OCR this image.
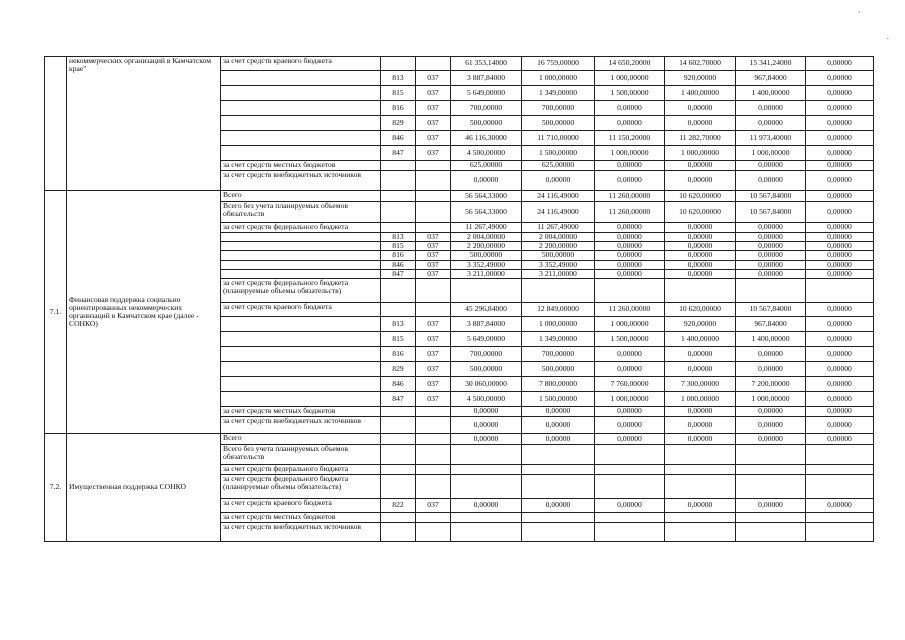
'
-
	некоммерческих организаций в Камчатском крае"	за счет средств краевого бюджета			61 353,14000	16 759,00000	14 650,20000	14 602,70000	15 341,24000	0,00000
			813	037	3 887,84000	1 000,00000	1 000,00000	920,00000	967,84000	0,00000
			815	037	5 649,00000	1 349,00000	1 500,00000	1 400,00000	1 400,00000	0,00000
			816	037	700,00000	700,00000	0,00000	0,00000	0,00000	0,00000
			829	037	500,00000	500,00000	0,00000	0,00000	0,00000	0,00000
			846	037	46 116,30000	11 710,00000	11 150,20000	11 282,70000	11 973,40000	0,00000
			847	037	4 500,00000	1 500,00000	1 000,00000	1 000,00000	1 000,00000	0,00000
		за счет средств местных бюджетов			625,00000	625,00000	0,00000	0,00000	0,00000	0,00000
		за счет средств внебюджетных источников			0,00000	0,00000	0,00000	0,00000	0,00000	0,00000
7.1.	Финансовая поддержка социально ориентированных некоммерческих организаций в Камчатском крае (далее - СОНКО)	Всего			56 564,33000	24 116,49000	11 260,00000	10 620,00000	10 567,84000	0,00000
		Всего без учета планируемых объемов обязательств			56 564,33000	24 116,49000	11 260,00000	10 620,00000	10 567,84000	0,00000
		за счет средств федерального бюджета			11 267,49000	11 267,49000	0,00000	0,00000	0,00000	0,00000
			813	037	2 004,00000	2 004,00000	0,00000	0,00000	0,00000	0,00000
			815	037	2 200,00000	2 200,00000	0,00000	0,00000	0,00000	0,00000
			816	037	500,00000	500,00000	0,00000	0,00000	0,00000	0,00000
			846	037	3 352,49000	3 352,49000	0,00000	0,00000	0,00000	0,00000
			847	037	3 211,00000	3 211,00000	0,00000	0,00000	0,00000	0,00000
		за счет средств федерального бюджета (планируемые объемы обязательств)								
		за счет средств краевого бюджета			45 296,84000	12 849,00000	11 260,00000	10 620,00000	10 567,84000	0,00000
			813	037	3 887,84000	1 000,00000	1 000,00000	920,00000	967,84000	0,00000
			815	037	5 649,00000	1 349,00000	1 500,00000	1 400,00000	1 400,00000	0,00000
			816	037	700,00000	700,00000	0,00000	0,00000	0,00000	0,00000
			829	037	500,00000	500,00000	0,00000	0,00000	0,00000	0,00000
			846	037	30 060,00000	7 800,00000	7 760,00000	7 300,00000	7 200,00000	0,00000
			847	037	4 500,00000	1 500,00000	1 000,00000	1 000,00000	1 000,00000	0,00000
		за счет средств местных бюджетов			0,00000	0,00000	0,00000	0,00000	0,00000	0,00000
		за счет средств внебюджетных источников			0,00000	0,00000	0,00000	0,00000	0,00000	0,00000
7.2.	Имущественная поддержка СОНКО	Всего			0,00000	0,00000	0,00000	0,00000	0,00000	0,00000
		Всего без учета планируемых объемов обязательств								
		за счет средств федерального бюджета								
		за счет средств федерального бюджета (планируемые объемы обязательств)								
		за счет средств краевого бюджета	822	037	0,00000	0,00000	0,00000	0,00000	0,00000	0,00000
		за счет средств местных бюджетов								
		за счет средств внебюджетных источников								
